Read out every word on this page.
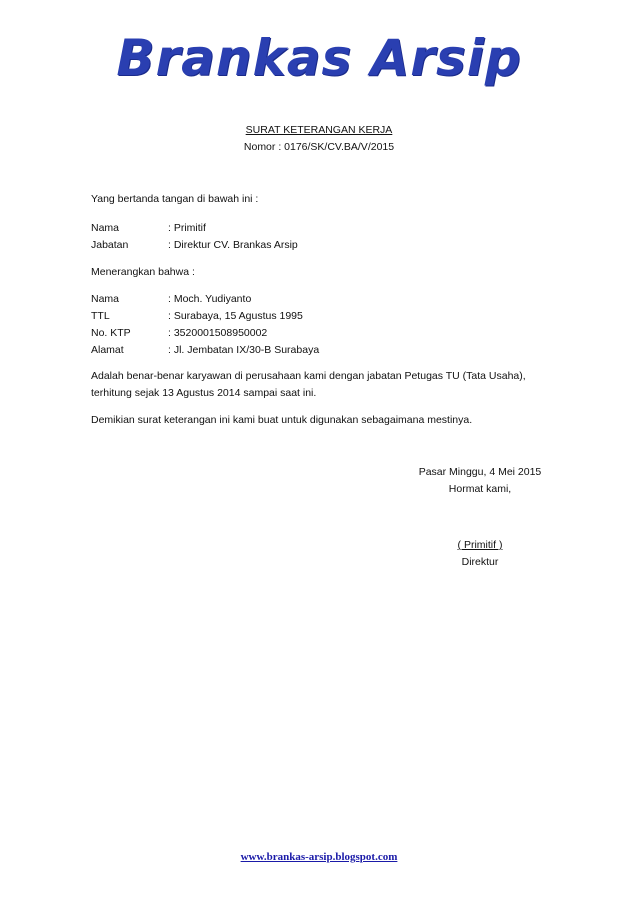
Brankas Arsip
SURAT KETERANGAN KERJA
Nomor : 0176/SK/CV.BA/V/2015
Yang bertanda tangan di bawah ini :
Nama	: Primitif
Jabatan	: Direktur CV. Brankas Arsip
Menerangkan bahwa :
Nama	: Moch. Yudiyanto
TTL	: Surabaya, 15 Agustus 1995
No. KTP	: 3520001508950002
Alamat	: Jl. Jembatan IX/30-B Surabaya
Adalah benar-benar karyawan di perusahaan kami dengan jabatan Petugas TU (Tata Usaha),
terhitung sejak 13 Agustus 2014 sampai saat ini.
Demikian surat keterangan ini kami buat untuk digunakan sebagaimana mestinya.
Pasar Minggu, 4 Mei 2015
Hormat kami,
( Primitif )
Direktur
www.brankas-arsip.blogspot.com
